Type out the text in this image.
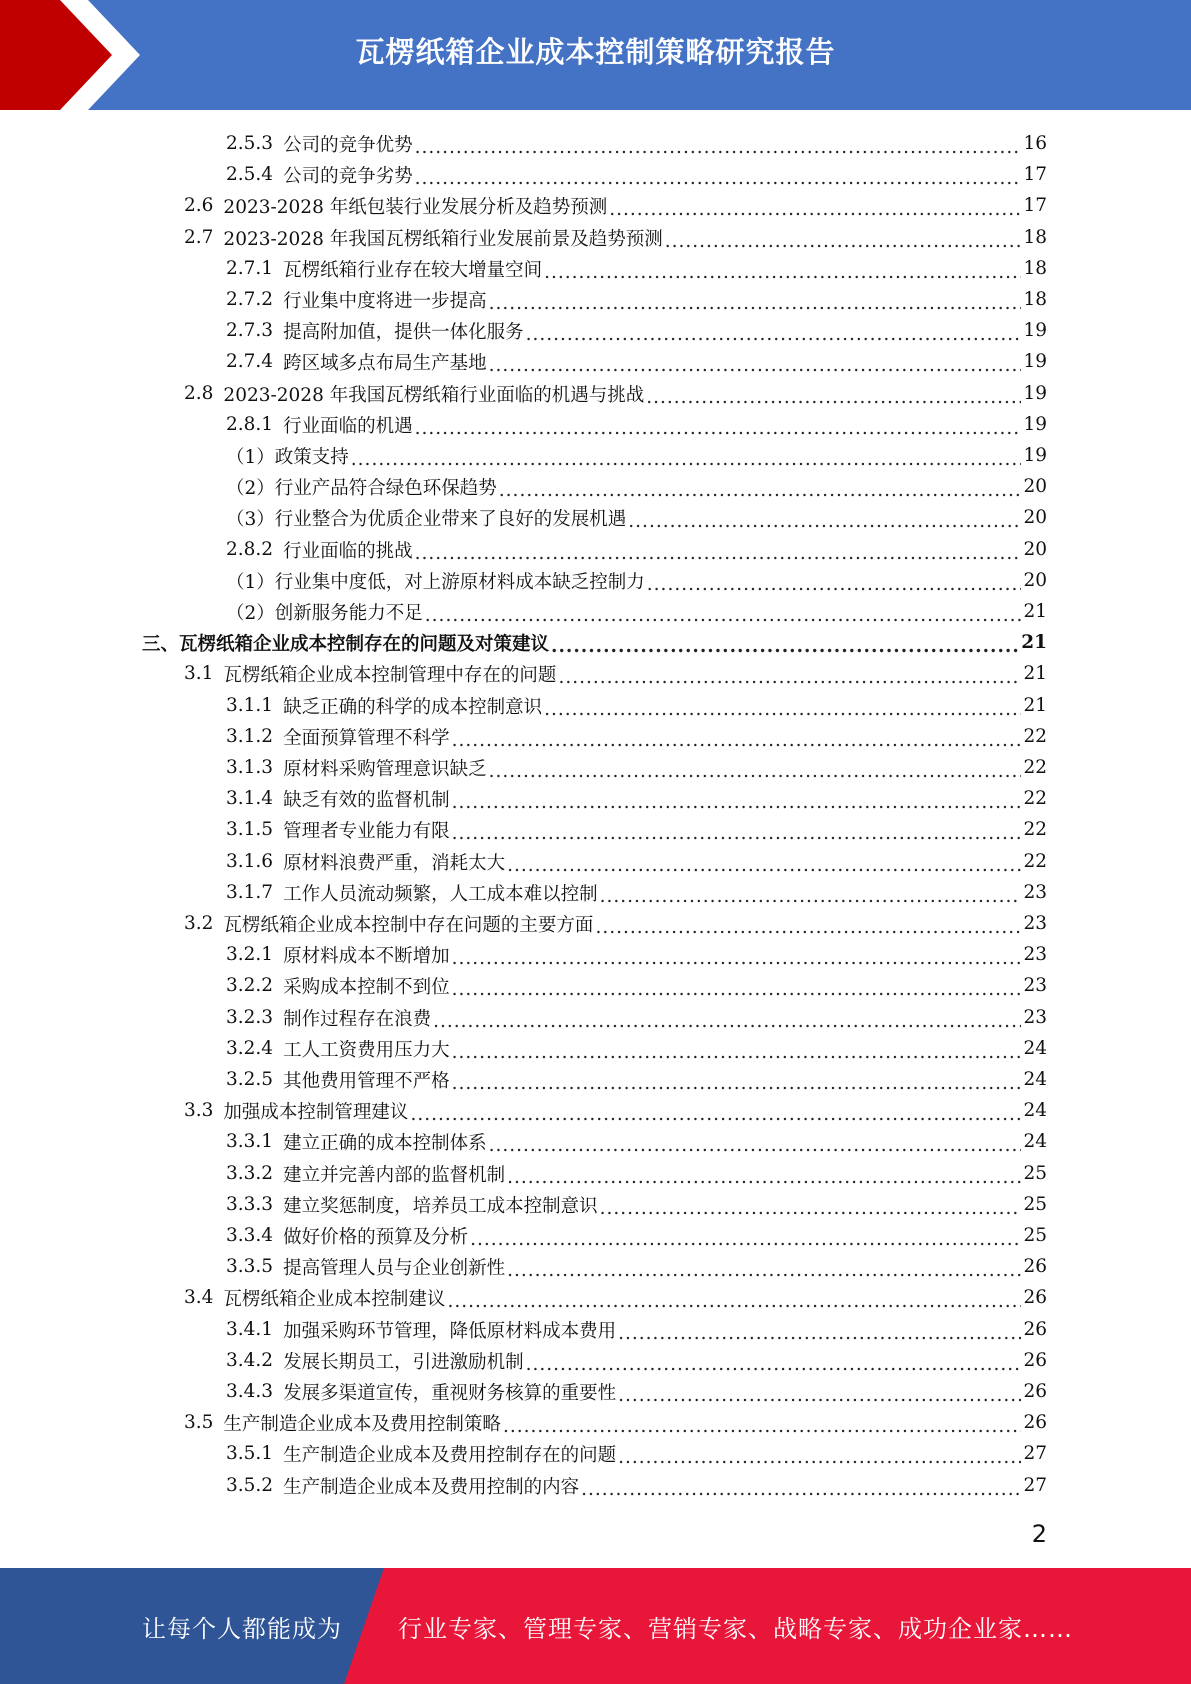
瓦楞纸箱企业成本控制策略研究报告
2.5.3 公司的竞争优势 .....	16
2.5.4 公司的竞争劣势 .....	17
2.6 2023-2028 年纸包装行业发展分析及趋势预测 .....	17
2.7 2023-2028 年我国瓦楞纸箱行业发展前景及趋势预测 .....	18
2.7.1 瓦楞纸箱行业存在较大增量空间 .....	18
2.7.2 行业集中度将进一步提高 .....	18
2.7.3 提高附加值，提供一体化服务 .....	19
2.7.4 跨区域多点布局生产基地 .....	19
2.8 2023-2028 年我国瓦楞纸箱行业面临的机遇与挑战 .....	19
2.8.1 行业面临的机遇 .....	19
（1） 政策支持 .....	19
（2） 行业产品符合绿色环保趋势 .....	20
（3） 行业整合为优质企业带来了良好的发展机遇 .....	20
2.8.2 行业面临的挑战 .....	20
（1） 行业集中度低，对上游原材料成本缺乏控制力 .....	20
（2） 创新服务能力不足 .....	21
三、 瓦楞纸箱企业成本控制存在的问题及对策建议 .....	21
3.1 瓦楞纸箱企业成本控制管理中存在的问题 .....	21
3.1.1 缺乏正确的科学的成本控制意识 .....	21
3.1.2 全面预算管理不科学 .....	22
3.1.3 原材料采购管理意识缺乏 .....	22
3.1.4 缺乏有效的监督机制 .....	22
3.1.5 管理者专业能力有限 .....	22
3.1.6 原材料浪费严重，消耗太大 .....	22
3.1.7 工作人员流动频繁，人工成本难以控制 .....	23
3.2 瓦楞纸箱企业成本控制中存在问题的主要方面 .....	23
3.2.1 原材料成本不断增加 .....	23
3.2.2 采购成本控制不到位 .....	23
3.2.3 制作过程存在浪费 .....	23
3.2.4 工人工资费用压力大 .....	24
3.2.5 其他费用管理不严格 .....	24
3.3 加强成本控制管理建议 .....	24
3.3.1 建立正确的成本控制体系 .....	24
3.3.2 建立并完善内部的监督机制 .....	25
3.3.3 建立奖惩制度，培养员工成本控制意识 .....	25
3.3.4 做好价格的预算及分析 .....	25
3.3.5 提高管理人员与企业创新性 .....	26
3.4 瓦楞纸箱企业成本控制建议 .....	26
3.4.1 加强采购环节管理，降低原材料成本费用 .....	26
3.4.2 发展长期员工，引进激励机制 .....	26
3.4.3 发展多渠道宣传，重视财务核算的重要性 .....	26
3.5 生产制造企业成本及费用控制策略 .....	26
3.5.1 生产制造企业成本及费用控制存在的问题 .....	27
3.5.2 生产制造企业成本及费用控制的内容 .....	27
2
让每个人都能成为 行业专家、管理专家、营销专家、战略专家、成功企业家……
